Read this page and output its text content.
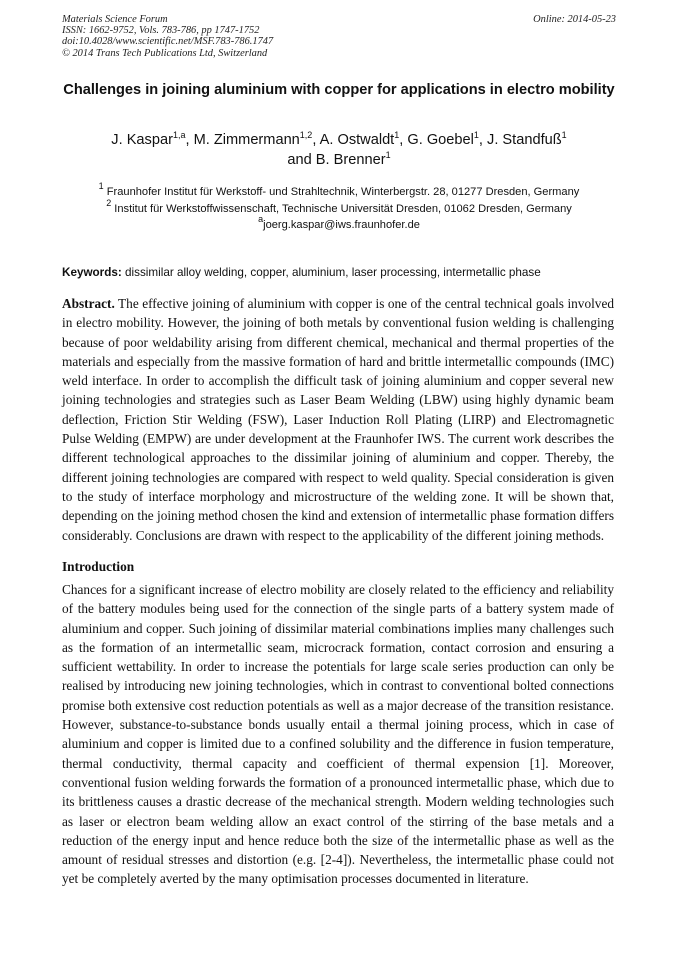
Materials Science Forum
ISSN: 1662-9752, Vols. 783-786, pp 1747-1752
doi:10.4028/www.scientific.net/MSF.783-786.1747
© 2014 Trans Tech Publications Ltd, Switzerland
Online: 2014-05-23
Challenges in joining aluminium with copper for applications in electro mobility
J. Kaspar$^{1,a}$, M. Zimmermann$^{1,2}$, A. Ostwaldt$^1$, G. Goebel$^1$, J. Standfuß$^1$
and B. Brenner$^1$
$^1$ Fraunhofer Institut für Werkstoff- und Strahltechnik, Winterbergstr. 28, 01277 Dresden, Germany
$^2$ Institut für Werkstoffwissenschaft, Technische Universität Dresden, 01062 Dresden, Germany
$^a$joerg.kaspar@iws.fraunhofer.de
Keywords: dissimilar alloy welding, copper, aluminium, laser processing, intermetallic phase
Abstract. The effective joining of aluminium with copper is one of the central technical goals involved in electro mobility. However, the joining of both metals by conventional fusion welding is challenging because of poor weldability arising from different chemical, mechanical and thermal properties of the materials and especially from the massive formation of hard and brittle intermetallic compounds (IMC) weld interface. In order to accomplish the difficult task of joining aluminium and copper several new joining technologies and strategies such as Laser Beam Welding (LBW) using highly dynamic beam deflection, Friction Stir Welding (FSW), Laser Induction Roll Plating (LIRP) and Electromagnetic Pulse Welding (EMPW) are under development at the Fraunhofer IWS. The current work describes the different technological approaches to the dissimilar joining of aluminium and copper. Thereby, the different joining technologies are compared with respect to weld quality. Special consideration is given to the study of interface morphology and microstructure of the welding zone. It will be shown that, depending on the joining method chosen the kind and extension of intermetallic phase formation differs considerably. Conclusions are drawn with respect to the applicability of the different joining methods.
Introduction
Chances for a significant increase of electro mobility are closely related to the efficiency and reliability of the battery modules being used for the connection of the single parts of a battery system made of aluminium and copper. Such joining of dissimilar material combinations implies many challenges such as the formation of an intermetallic seam, microcrack formation, contact corrosion and ensuring a sufficient wettability. In order to increase the potentials for large scale series production can only be realised by introducing new joining technologies, which in contrast to conventional bolted connections promise both extensive cost reduction potentials as well as a major decrease of the transition resistance. However, substance-to-substance bonds usually entail a thermal joining process, which in case of aluminium and copper is limited due to a confined solubility and the difference in fusion temperature, thermal conductivity, thermal capacity and coefficient of thermal expension [1]. Moreover, conventional fusion welding forwards the formation of a pronounced intermetallic phase, which due to its brittleness causes a drastic decrease of the mechanical strength. Modern welding technologies such as laser or electron beam welding allow an exact control of the stirring of the base metals and a reduction of the energy input and hence reduce both the size of the intermetallic phase as well as the amount of residual stresses and distortion (e.g. [2-4]). Nevertheless, the intermetallic phase could not yet be completely averted by the many optimisation processes documented in literature.
